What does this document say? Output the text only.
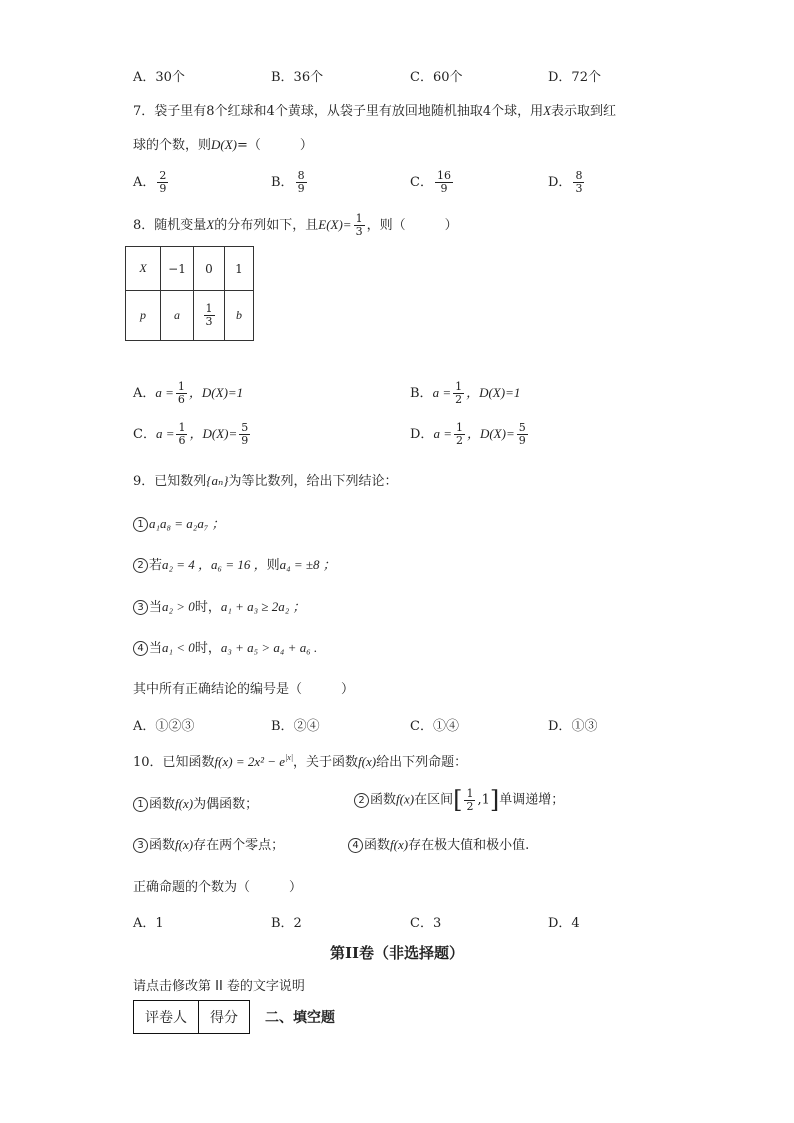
A．30个	B．36个	C．60个	D．72个
7．袋子里有8个红球和4个黄球，从袋子里有放回地随机抽取4个球，用X表示取到红
球的个数，则D(X)=（　　　）
A． $\frac{2}{9}$	B． $\frac{8}{9}$	C． $\frac{16}{9}$	D． $\frac{8}{3}$
8．随机变量X的分布列如下，且$E(X)= \frac{1}{3}$ ，则（　　　）
X	−1	0	1
p	a	$\frac{1}{3}$	b
A．$a = \frac{1}{6}$ ，D(X)=1	B．$a = \frac{1}{2}$ ，D(X)=1
C．$a = \frac{1}{6}$ ，$D(X)= \frac{5}{9}$	D．$a = \frac{1}{2}$ ，$D(X)= \frac{5}{9}$
9．已知数列{aₙ}为等比数列，给出下列结论：
1 a₁a₈ = a₂a₇ ；
2 若a₂ = 4 ，a₆ = 16 ，则a₄ = ±8 ；
3 当a₂ > 0时，a₁ + a₃ ≥ 2a₂ ；
4 当a₁ < 0时，a₃ + a₅ > a₄ + a₆ .
其中所有正确结论的编号是（　　　）
A．①②③	B．②④	C．①④	D．①③
10．已知函数$f(x) = 2x^2 - e^{|x|}$，关于函数f(x)给出下列命题：
1 函数f(x)为偶函数；	2 函数f(x)在区间[ $\frac{1}{2} ,1$]单调递增；
3 函数f(x)存在两个零点；	4 函数f(x)存在极大值和极小值.
正确命题的个数为（　　　）
A．1	B．2	C．3	D．4
第II卷（非选择题）
请点击修改第 II 卷的文字说明
评卷人	得分 二、填空题
